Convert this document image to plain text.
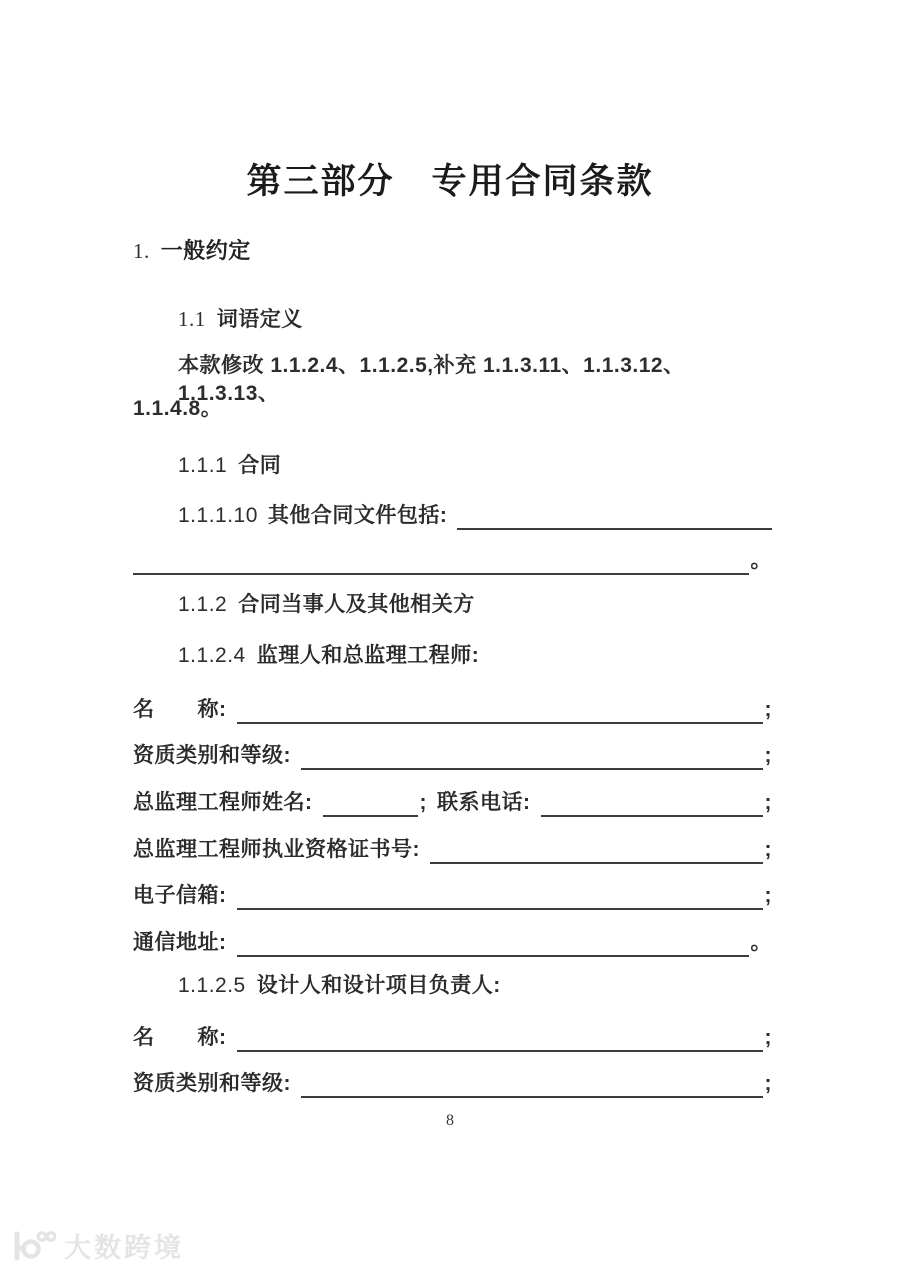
第三部分　专用合同条款
1. 一般约定
1.1 词语定义
本款修改 1.1.2.4、1.1.2.5,补充 1.1.3.11、1.1.3.12、1.1.3.13、
1.1.4.8。
1.1.1 合同
1.1.1.10 其他合同文件包括:
。
1.1.2 合同当事人及其他相关方
1.1.2.4 监理人和总监理工程师:
名　　称:	;
资质类别和等级:	;
总监理工程师姓名:	; 联系电话:	;
总监理工程师执业资格证书号:	;
电子信箱:	;
通信地址:	。
1.1.2.5 设计人和设计项目负责人:
名　　称:	;
资质类别和等级:	;
8
大数跨境
